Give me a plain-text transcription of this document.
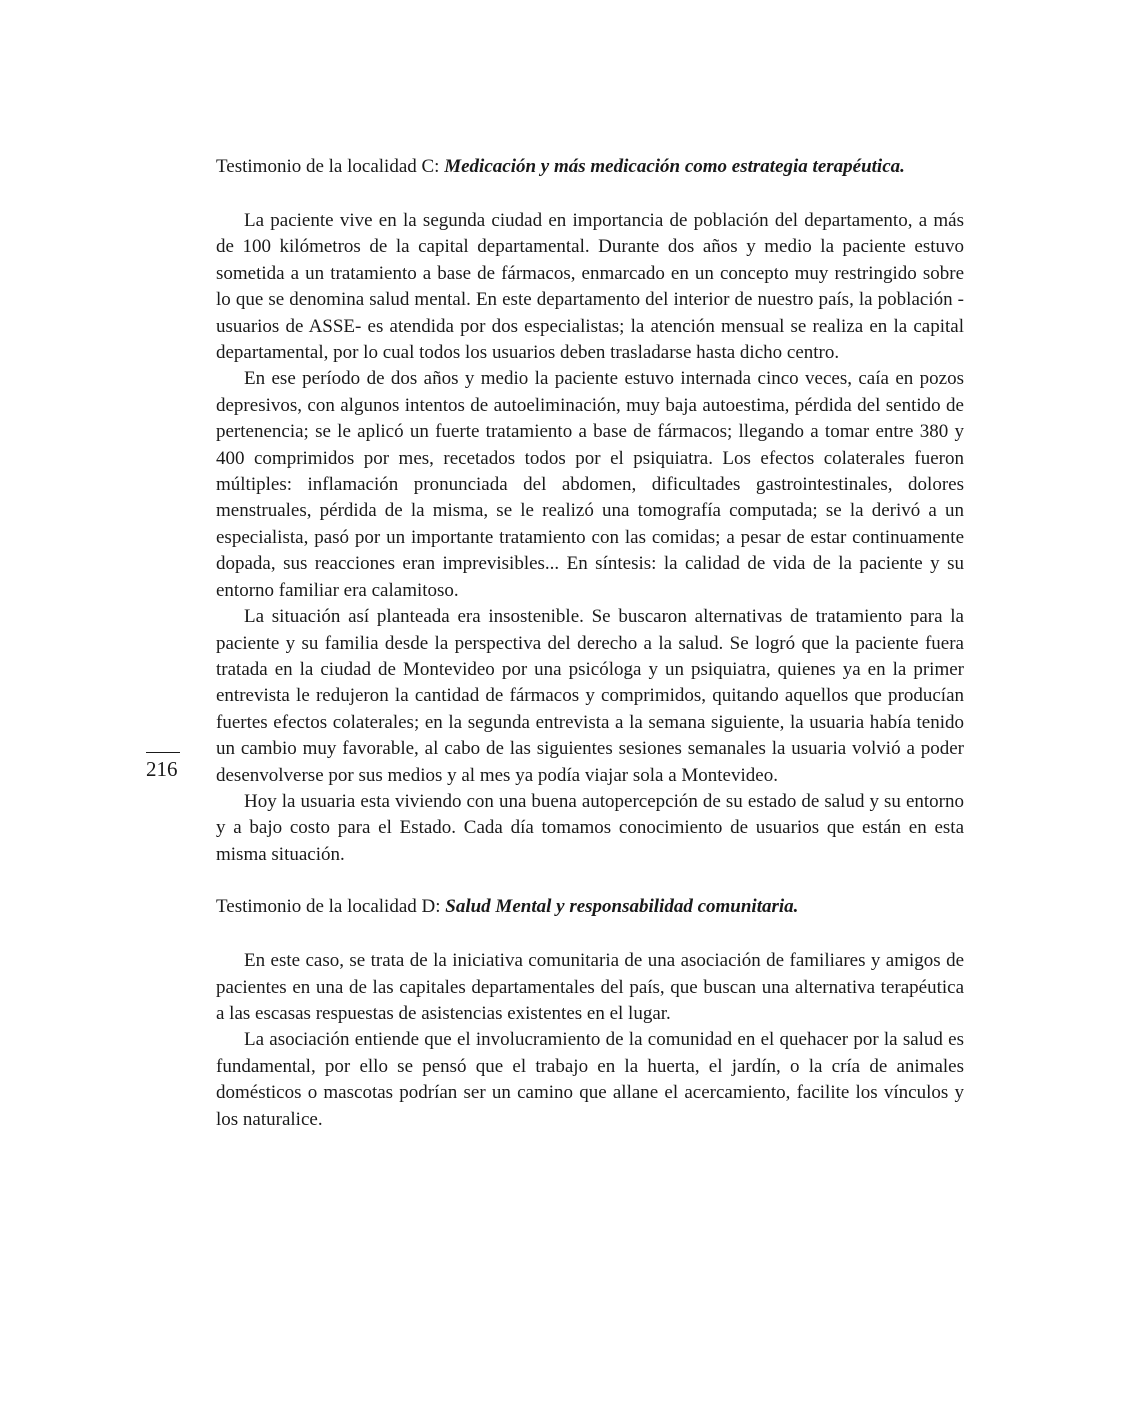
Testimonio de la localidad C: Medicación y más medicación como estrategia terapéutica.

La paciente vive en la segunda ciudad en importancia de población del departamento, a más de 100 kilómetros de la capital departamental. Durante dos años y medio la paciente estuvo sometida a un tratamiento a base de fármacos, enmarcado en un concepto muy restringido sobre lo que se denomina salud mental. En este departamento del interior de nuestro país, la población - usuarios de ASSE- es atendida por dos especialistas; la atención mensual se realiza en la capital departamental, por lo cual todos los usuarios deben trasladarse hasta dicho centro.

En ese período de dos años y medio la paciente estuvo internada cinco veces, caía en pozos depresivos, con algunos intentos de autoeliminación, muy baja autoestima, pérdida del sentido de pertenencia; se le aplicó un fuerte tratamiento a base de fármacos; llegando a tomar entre 380 y 400 comprimidos por mes, recetados todos por el psiquiatra. Los efectos colaterales fueron múltiples: inflamación pronunciada del abdomen, dificultades gastrointestinales, dolores menstruales, pérdida de la misma, se le realizó una tomografía computada; se la derivó a un especialista, pasó por un importante tratamiento con las comidas; a pesar de estar continuamente dopada, sus reacciones eran imprevisibles... En síntesis: la calidad de vida de la paciente y su entorno familiar era calamitoso.

La situación así planteada era insostenible. Se buscaron alternativas de tratamiento para la paciente y su familia desde la perspectiva del derecho a la salud. Se logró que la paciente fuera tratada en la ciudad de Montevideo por una psicóloga y un psiquiatra, quienes ya en la primer entrevista le redujeron la cantidad de fármacos y comprimidos, quitando aquellos que producían fuertes efectos colaterales; en la segunda entrevista a la semana siguiente, la usuaria había tenido un cambio muy favorable, al cabo de las siguientes sesiones semanales la usuaria volvió a poder desenvolverse por sus medios y al mes ya podía viajar sola a Montevideo.

Hoy la usuaria esta viviendo con una buena autopercepción de su estado de salud y su entorno y a bajo costo para el Estado. Cada día tomamos conocimiento de usuarios que están en esta misma situación.

Testimonio de la localidad D: Salud Mental y responsabilidad comunitaria.

En este caso, se trata de la iniciativa comunitaria de una asociación de familiares y amigos de pacientes en una de las capitales departamentales del país, que buscan una alternativa terapéutica a las escasas respuestas de asistencias existentes en el lugar.

La asociación entiende que el involucramiento de la comunidad en el quehacer por la salud es fundamental, por ello se pensó que el trabajo en la huerta, el jardín, o la cría de animales domésticos o mascotas podrían ser un camino que allane el acercamiento, facilite los vínculos y los naturalice.

216
